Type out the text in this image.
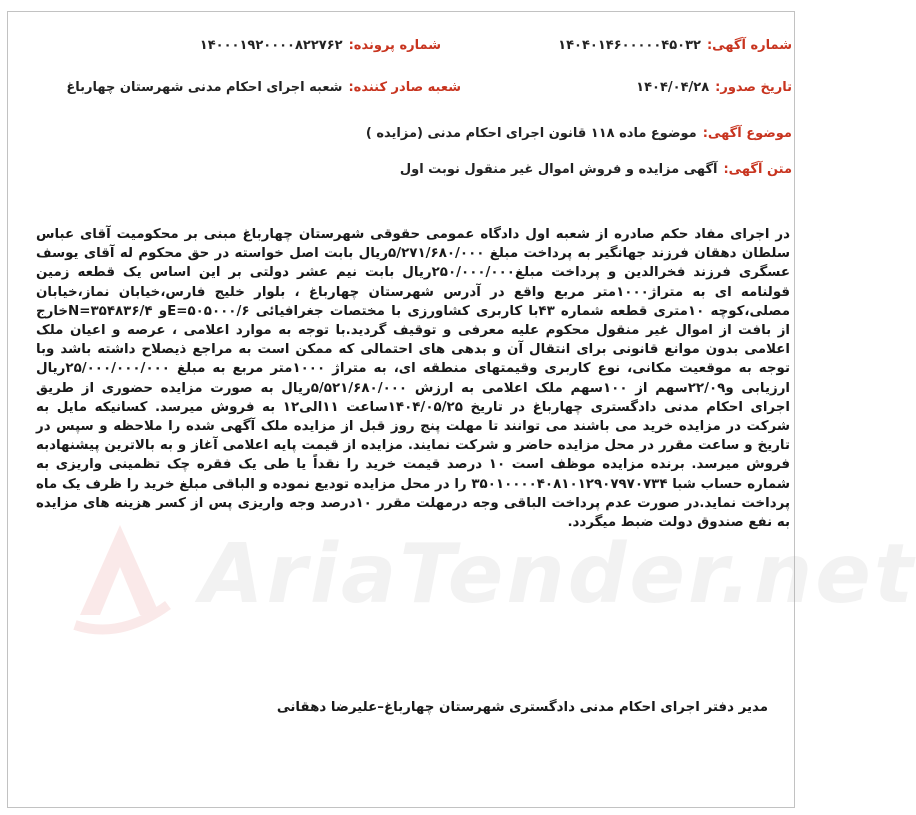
شماره آگهی:۱۴۰۴۰۱۴۶۰۰۰۰۰۴۵۰۳۲
شماره پرونده:۱۴۰۰۰۱۹۲۰۰۰۰۸۲۲۷۶۲
تاریخ صدور:۱۴۰۴/۰۴/۲۸
شعبه صادر کننده:شعبه اجرای احکام مدنی شهرستان چهارباغ
موضوع آگهی:موضوع ماده ۱۱۸ قانون اجرای احکام مدنی (مزایده )
متن آگهی:آگهی مزایده و فروش اموال غیر منقول نوبت اول

در اجرای مفاد حکم صادره از شعبه اول دادگاه عمومی حقوقی شهرستان چهارباغ مبنی بر محکومیت آقای عباس سلطان دهقان فرزند جهانگیر به پرداخت مبلغ ۵/۲۷۱/۶۸۰/۰۰۰ریال بابت اصل خواسته در حق محکوم له آقای یوسف عسگری فرزند فخرالدین و پرداخت مبلغ۲۵۰/۰۰۰/۰۰۰ریال بابت نیم عشر دولتی بر این اساس یک قطعه زمین قولنامه ای به متراژ۱۰۰۰متر مربع واقع در آدرس شهرستان چهارباغ ، بلوار خلیج فارس،خیابان نماز،خیابان مصلی،کوچه ۱۰متری قطعه شماره ۴۳با کاربری کشاورزی با مختصات جغرافیائی E=۵۰۵۰۰۰/۶و N=۳۵۴۸۳۶/۴خارج از بافت از اموال غیر منقول محکوم علیه معرفی و توقیف گردید.با توجه به موارد اعلامی ، عرصه و اعیان ملک اعلامی بدون موانع قانونی برای انتقال آن و بدهی های احتمالی که ممکن است به مراجع ذیصلاح داشته باشد وبا توجه به موقعیت مکانی، نوع کاربری وقیمتهای منطقه ای، به متراژ ۱۰۰۰متر مربع به مبلغ ۲۵/۰۰۰/۰۰۰/۰۰۰ریال ارزیابی و۲۲/۰۹سهم از ۱۰۰سهم ملک اعلامی به ارزش ۵/۵۲۱/۶۸۰/۰۰۰ریال به صورت مزایده حضوری از طریق اجرای احکام مدنی دادگستری چهارباغ در تاریخ ۱۴۰۴/۰۵/۲۵ساعت ۱۱الی۱۲ به فروش میرسد. کسانیکه مایل به شرکت در مزایده خرید می باشند می توانند تا مهلت پنج روز قبل از مزایده ملک آگهی شده را ملاحظه و سپس در تاریخ و ساعت مقرر در محل مزایده حاضر و شرکت نمایند. مزایده از قیمت پایه اعلامی آغاز و به بالاترین پیشنهادبه فروش میرسد. برنده مزایده موظف است ۱۰ درصد قیمت خرید را نقداً یا طی یک فقره چک تظمینی واریزی به شماره حساب شبا ۳۵۰۱۰۰۰۰۴۰۸۱۰۱۲۹۰۷۹۷۰۷۳۴ را در محل مزایده تودیع نموده و الباقی مبلغ خرید را ظرف یک ماه پرداخت نماید.در صورت عدم پرداخت الباقی وجه درمهلت مقرر ۱۰درصد وجه واریزی پس از کسر هزینه های مزایده به نفع صندوق دولت ضبط میگردد.

مدیر دفتر اجرای احکام مدنی دادگستری شهرستان چهارباغ–علیرضا دهقانی
